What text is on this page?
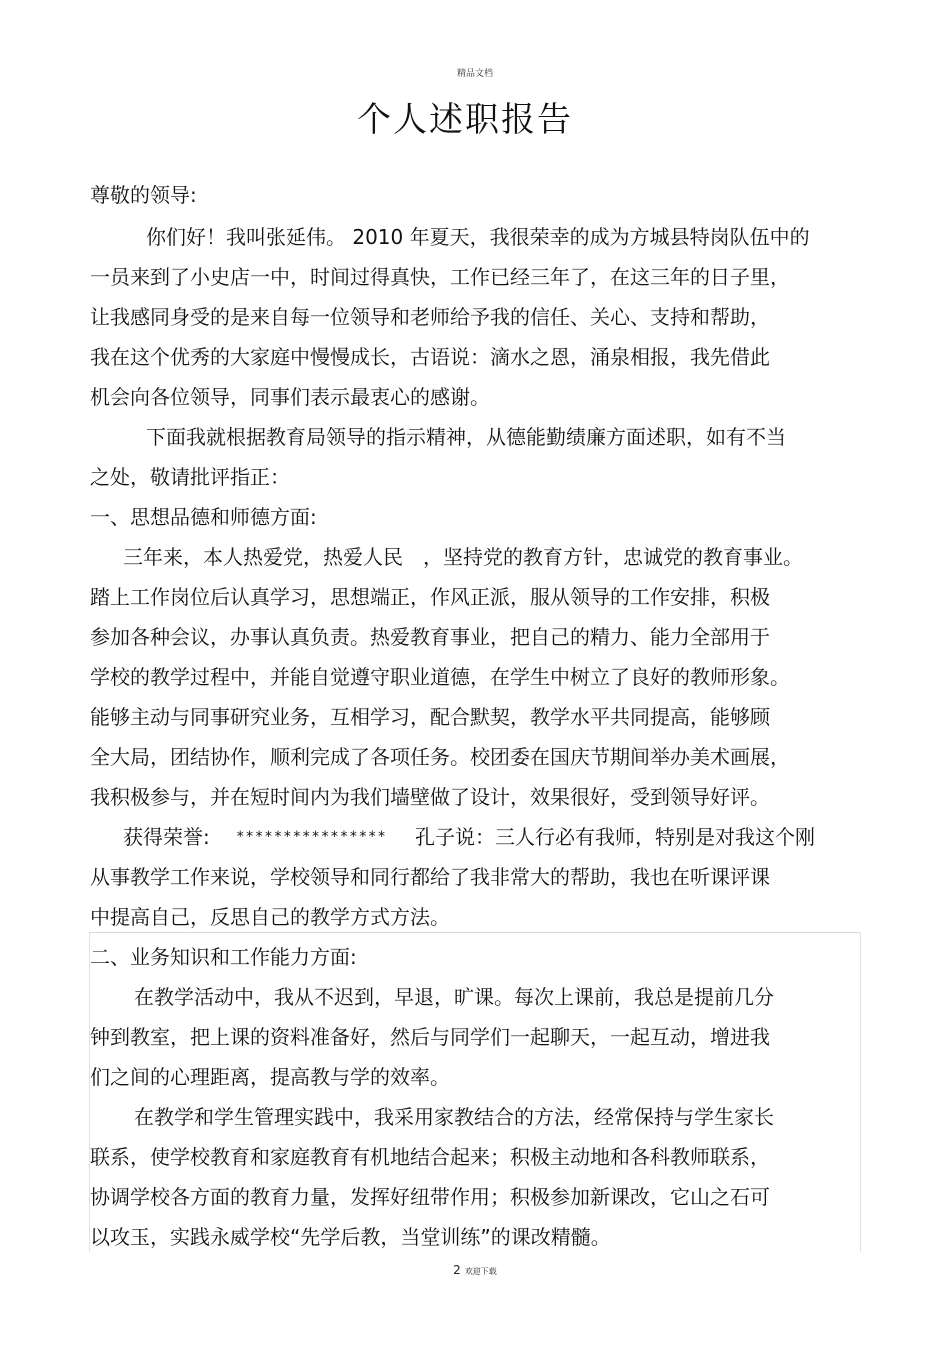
精品文档
个人述职报告
尊敬的领导:
你们好！我叫张延伟。 2010 年夏天，我很荣幸的成为方城县特岗队伍中的
一员来到了小史店一中，时间过得真快，工作已经三年了，在这三年的日子里，
让我感同身受的是来自每一位领导和老师给予我的信任、关心、支持和帮助，
我在这个优秀的大家庭中慢慢成长，古语说：滴水之恩，涌泉相报，我先借此
机会向各位领导，同事们表示最衷心的感谢。
下面我就根据教育局领导的指示精神，从德能勤绩廉方面述职，如有不当
之处，敬请批评指正：
一、思想品德和师德方面:
三年来，本人热爱党，热爱人民　，坚持党的教育方针，忠诚党的教育事业。
踏上工作岗位后认真学习，思想端正，作风正派，服从领导的工作安排，积极
参加各种会议，办事认真负责。热爱教育事业，把自己的精力、能力全部用于
学校的教学过程中，并能自觉遵守职业道德，在学生中树立了良好的教师形象。
能够主动与同事研究业务，互相学习，配合默契，教学水平共同提高，能够顾
全大局，团结协作，顺利完成了各项任务。校团委在国庆节期间举办美术画展，
我积极参与，并在短时间内为我们墙壁做了设计，效果很好，受到领导好评。
获得荣誉: **************** 孔子说：三人行必有我师，特别是对我这个刚
从事教学工作来说，学校领导和同行都给了我非常大的帮助，我也在听课评课
中提高自己，反思自己的教学方式方法。
二、业务知识和工作能力方面:
在教学活动中，我从不迟到，早退，旷课。每次上课前，我总是提前几分
钟到教室，把上课的资料准备好，然后与同学们一起聊天，一起互动，增进我
们之间的心理距离，提高教与学的效率。
在教学和学生管理实践中，我采用家教结合的方法，经常保持与学生家长
联系，使学校教育和家庭教育有机地结合起来；积极主动地和各科教师联系，
协调学校各方面的教育力量，发挥好纽带作用；积极参加新课改，它山之石可
以攻玉，实践永威学校“先学后教，当堂训练”的课改精髓。
2 欢迎下载
